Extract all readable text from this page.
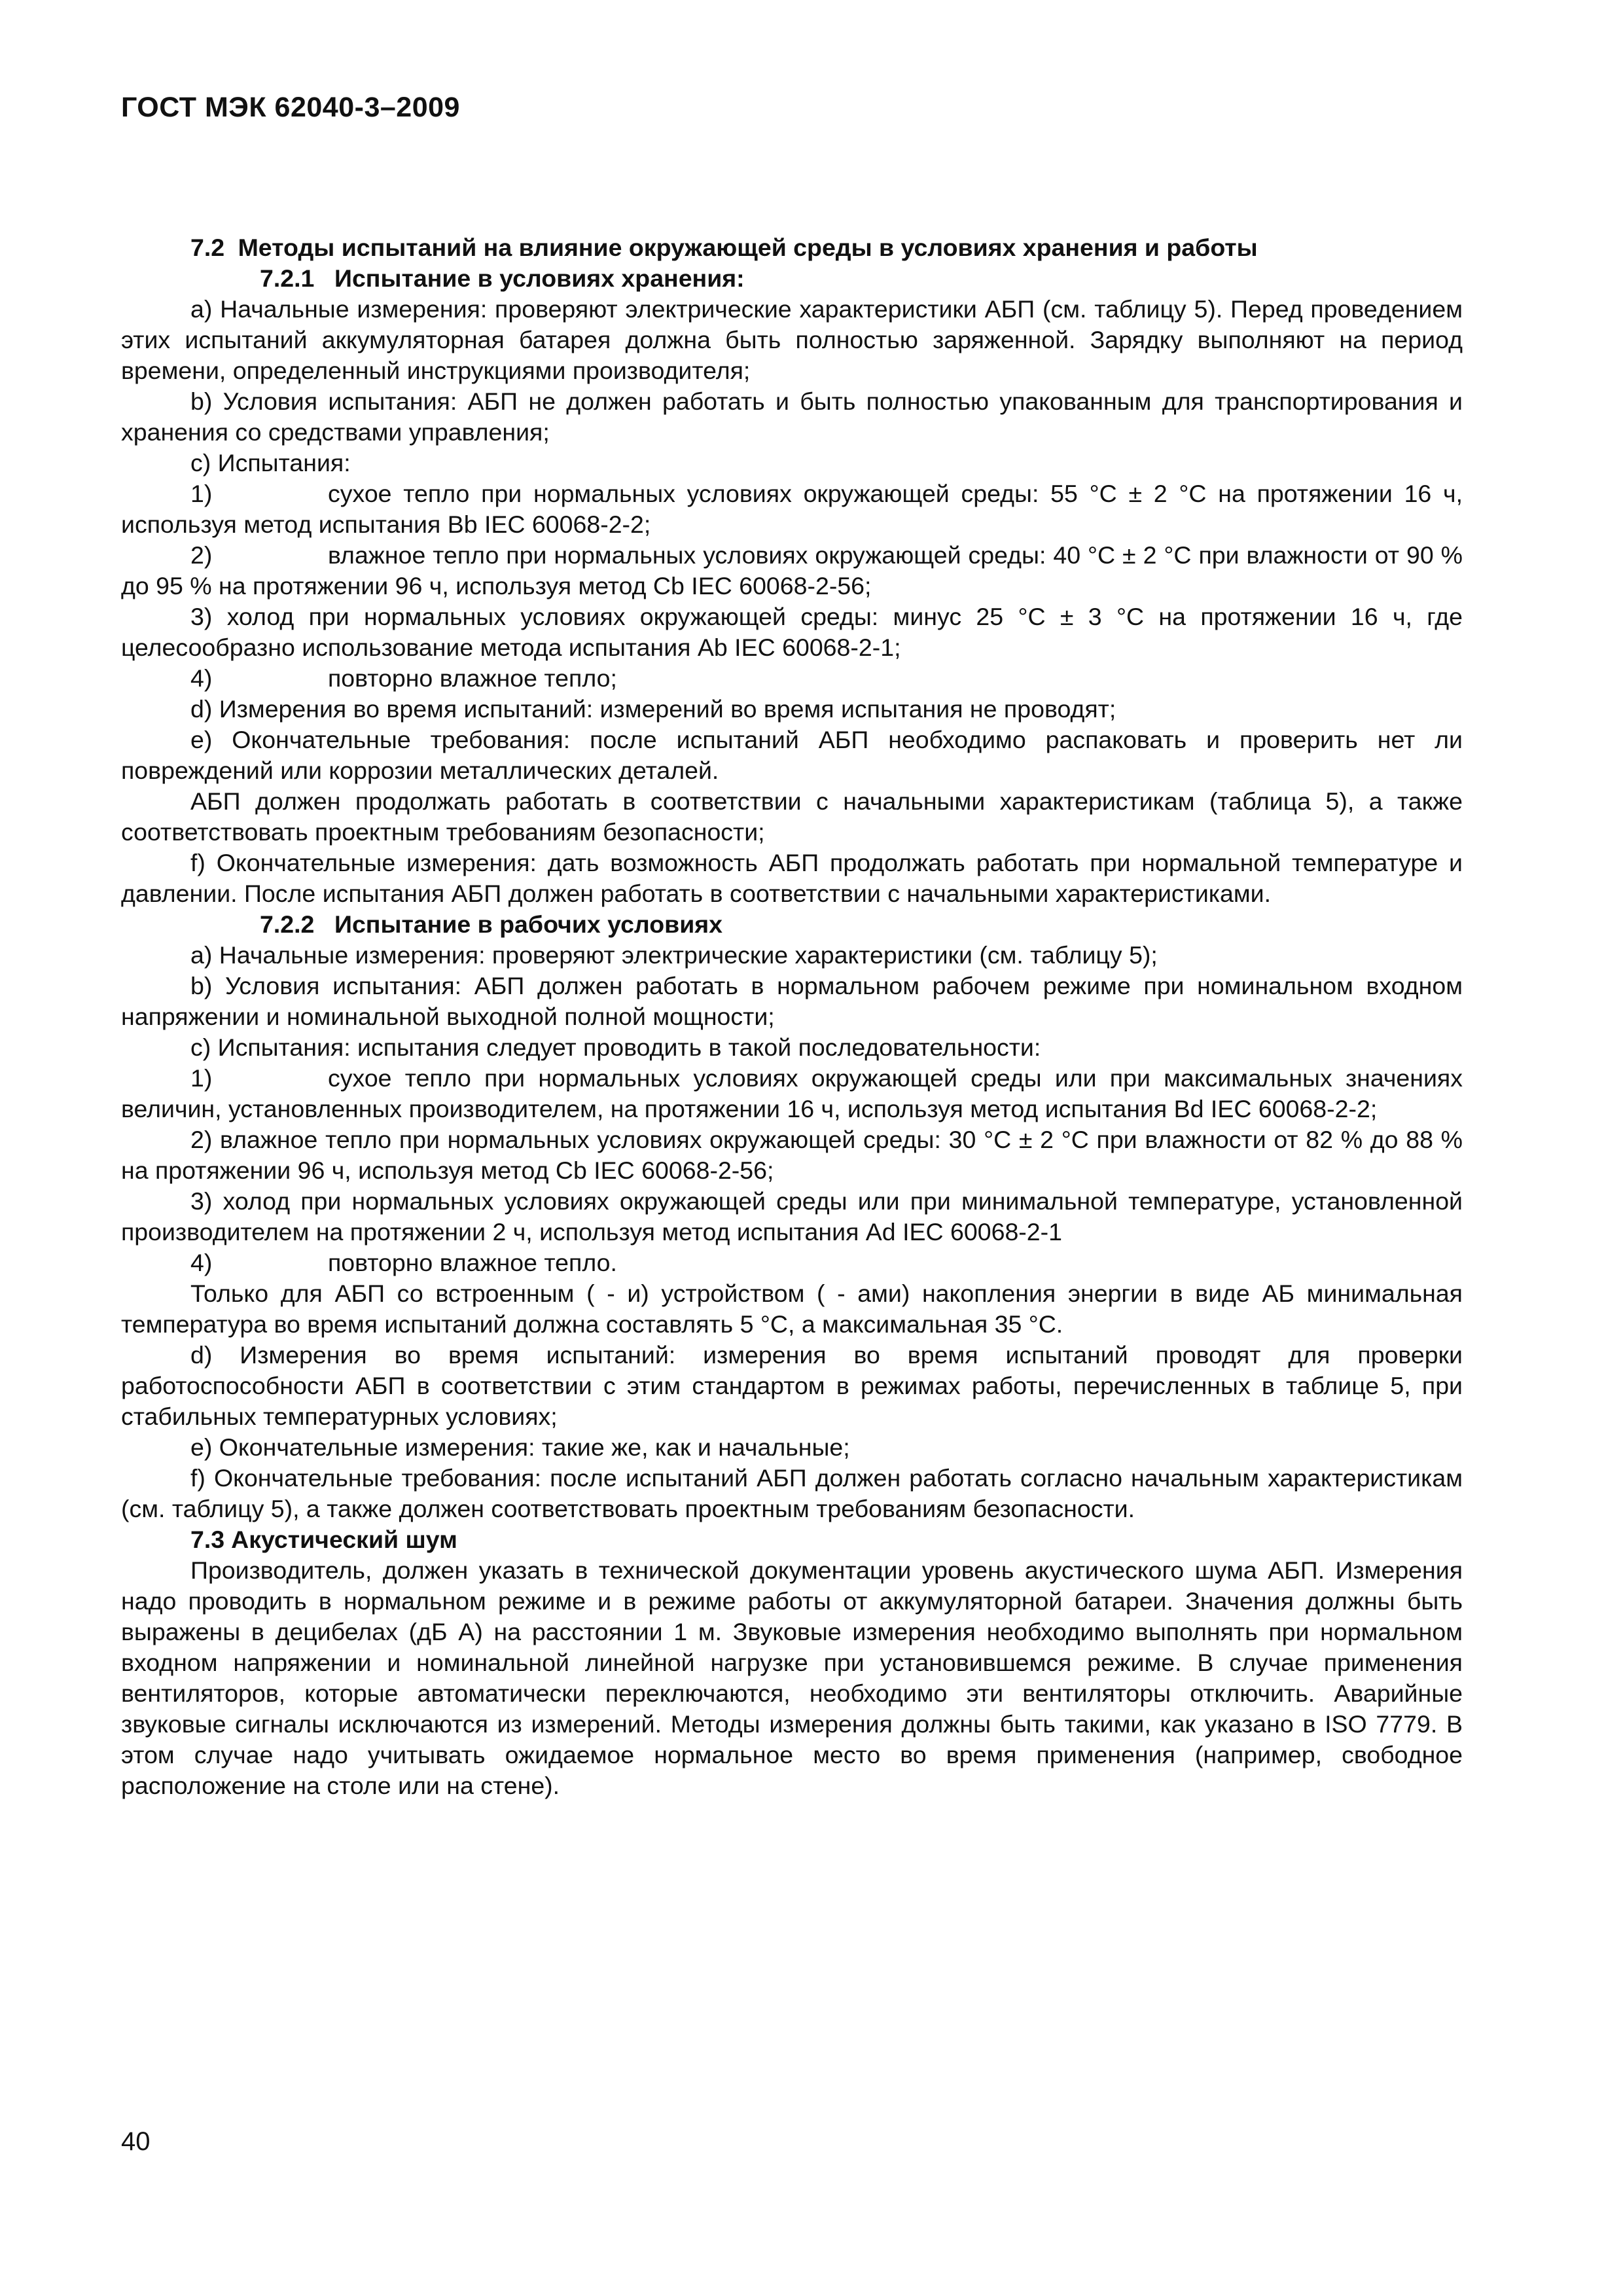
ГОСТ МЭК 62040-3–2009

7.2 Методы испытаний на влияние окружающей среды в условиях хранения и работы

7.2.1 Испытание в условиях хранения:

а) Начальные измерения: проверяют электрические характеристики АБП (см. таблицу 5). Перед проведением этих испытаний аккумуляторная батарея должна быть полностью заряженной. Зарядку выполняют на период времени, определенный инструкциями производителя;

b) Условия испытания: АБП не должен работать и быть полностью упакованным для транспортирования и хранения со средствами управления;

с) Испытания:

1)	сухое тепло при нормальных условиях окружающей среды: 55 °С ± 2 °С на протяжении 16 ч, используя метод испытания Bb IEC 60068-2-2;

2)	влажное тепло при нормальных условиях окружающей среды: 40 °С ± 2 °С при влажности от 90 % до 95 % на протяжении 96 ч, используя метод Сb IEC 60068-2-56;

3) холод при нормальных условиях окружающей среды: минус 25 °С ± 3 °С на протяжении 16 ч, где целесообразно использование метода испытания Ab IEC 60068-2-1;

4)	повторно влажное тепло;

d) Измерения во время испытаний: измерений во время испытания не проводят;

е) Окончательные требования: после испытаний АБП необходимо распаковать и проверить нет ли повреждений или коррозии металлических деталей.

АБП должен продолжать работать в соответствии с начальными характеристикам (таблица 5), а также соответствовать проектным требованиям безопасности;

f) Окончательные измерения: дать возможность АБП продолжать работать при нормальной температуре и давлении. После испытания АБП должен работать в соответствии с начальными характеристиками.

7.2.2 Испытание в рабочих условиях

а) Начальные измерения: проверяют электрические характеристики (см. таблицу 5);

b) Условия испытания: АБП должен работать в нормальном рабочем режиме при номинальном входном напряжении и номинальной выходной полной мощности;

с) Испытания: испытания следует проводить в такой последовательности:

1)	сухое тепло при нормальных условиях окружающей среды или при максимальных значениях величин, установленных производителем, на протяжении 16 ч, используя метод испытания Bd IEC 60068-2-2;

2) влажное тепло при нормальных условиях окружающей среды: 30 °С ± 2 °С при влажности от 82 % до 88 % на протяжении 96 ч, используя метод Сb IEC 60068-2-56;

3) холод при нормальных условиях окружающей среды или при минимальной температуре, установленной производителем на протяжении 2 ч, используя метод испытания Ad IEC 60068-2-1

4)	повторно влажное тепло.

Только для АБП со встроенным ( - и) устройством ( - ами) накопления энергии в виде АБ минимальная температура во время испытаний должна составлять 5 °С, а максимальная 35 °С.

d) Измерения во время испытаний: измерения во время испытаний проводят для проверки работоспособности АБП в соответствии с этим стандартом в режимах работы, перечисленных в таблице 5, при стабильных температурных условиях;

е) Окончательные измерения: такие же, как и начальные;

f) Окончательные требования: после испытаний АБП должен работать согласно начальным характеристикам (см. таблицу 5), а также должен соответствовать проектным требованиям безопасности.

7.3 Акустический шум

Производитель, должен указать в технической документации уровень акустического шума АБП. Измерения надо проводить в нормальном режиме и в режиме работы от аккумуляторной батареи. Значения должны быть выражены в децибелах (дБ А) на расстоянии 1 м. Звуковые измерения необходимо выполнять при нормальном входном напряжении и номинальной линейной нагрузке при установившемся режиме. В случае применения вентиляторов, которые автоматически переключаются, необходимо эти вентиляторы отключить. Аварийные звуковые сигналы исключаются из измерений. Методы измерения должны быть такими, как указано в ISO 7779. В этом случае надо учитывать ожидаемое нормальное место во время применения (например, свободное расположение на столе или на стене).

40
